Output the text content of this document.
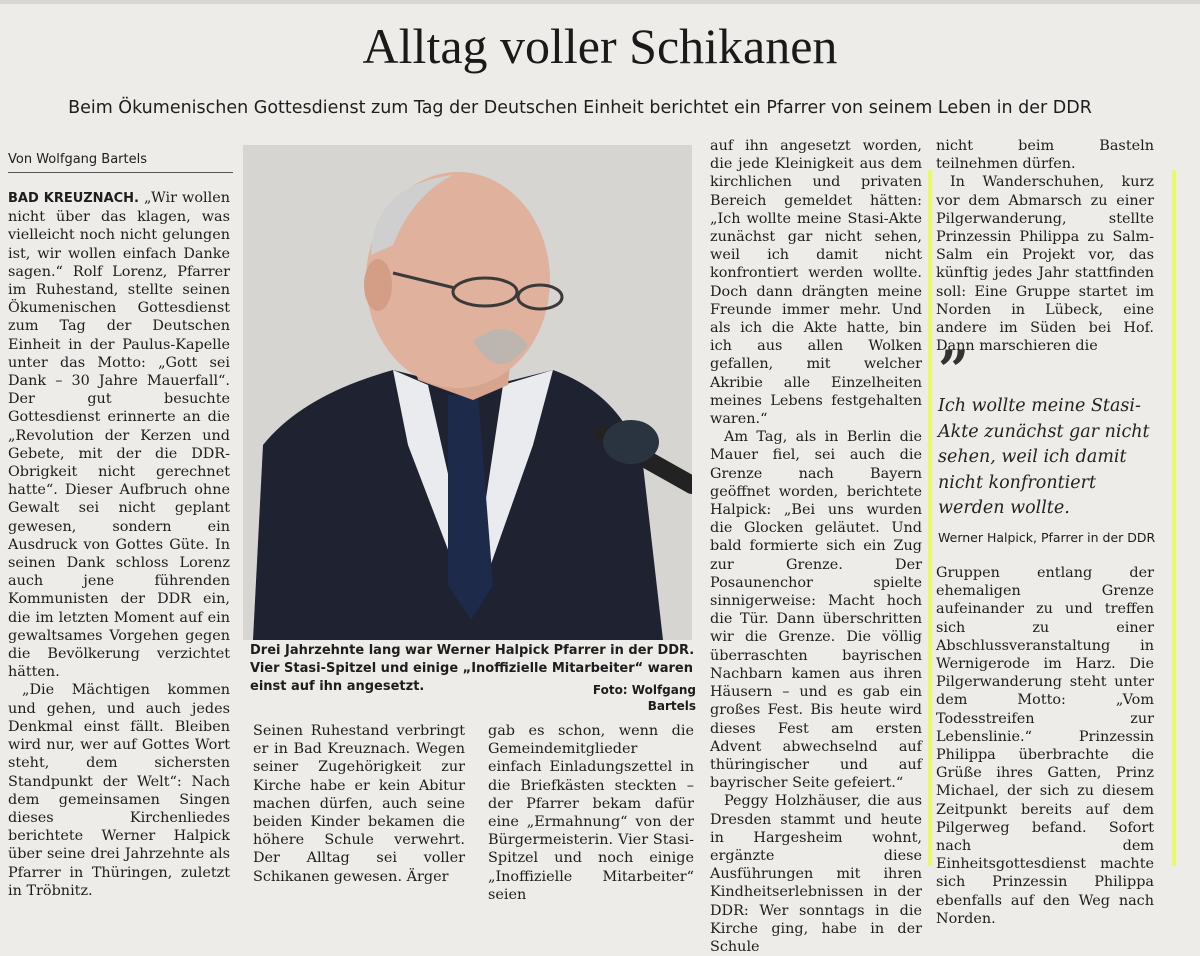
Alltag voller Schikanen
Beim Ökumenischen Gottesdienst zum Tag der Deutschen Einheit berichtet ein Pfarrer von seinem Leben in der DDR
Von Wolfgang Bartels

BAD KREUZNACH. „Wir wollen nicht über das klagen, was vielleicht noch nicht gelungen ist, wir wollen einfach Danke sagen.“ Rolf Lorenz, Pfarrer im Ruhestand, stellte seinen Ökumenischen Gottesdienst zum Tag der Deutschen Einheit in der Paulus-Kapelle unter das Motto: „Gott sei Dank – 30 Jahre Mauerfall“. Der gut besuchte Gottesdienst erinnerte an die „Revolution der Kerzen und Gebete, mit der die DDR-Obrigkeit nicht gerechnet hatte“. Dieser Aufbruch ohne Gewalt sei nicht geplant gewesen, sondern ein Ausdruck von Gottes Güte. In seinen Dank schloss Lorenz auch jene führenden Kommunisten der DDR ein, die im letzten Moment auf ein gewaltsames Vorgehen gegen die Bevölkerung verzichtet hätten.

„Die Mächtigen kommen und gehen, und auch jedes Denkmal einst fällt. Bleiben wird nur, wer auf Gottes Wort steht, dem sichersten Standpunkt der Welt“: Nach dem gemeinsamen Singen dieses Kirchenliedes berichtete Werner Halpick über seine drei Jahrzehnte als Pfarrer in Thüringen, zuletzt in Tröbnitz.

Drei Jahrzehnte lang war Werner Halpick Pfarrer in der DDR. Vier Stasi-Spitzel und einige „Inoffizielle Mitarbeiter“ waren einst auf ihn angesetzt.	Foto: Wolfgang Bartels

Seinen Ruhestand verbringt er in Bad Kreuznach. Wegen seiner Zugehörigkeit zur Kirche habe er kein Abitur machen dürfen, auch seine beiden Kinder bekamen die höhere Schule verwehrt. Der Alltag sei voller Schikanen gewesen. Ärger

gab es schon, wenn die Gemeindemitglieder einfach Einladungszettel in die Briefkästen steckten – der Pfarrer bekam dafür eine „Ermahnung“ von der Bürgermeisterin. Vier Stasi-Spitzel und noch einige „Inoffizielle Mitarbeiter“ seien

auf ihn angesetzt worden, die jede Kleinigkeit aus dem kirchlichen und privaten Bereich gemeldet hätten: „Ich wollte meine Stasi-Akte zunächst gar nicht sehen, weil ich damit nicht konfrontiert werden wollte. Doch dann drängten meine Freunde immer mehr. Und als ich die Akte hatte, bin ich aus allen Wolken gefallen, mit welcher Akribie alle Einzelheiten meines Lebens festgehalten waren.“

Am Tag, als in Berlin die Mauer fiel, sei auch die Grenze nach Bayern geöffnet worden, berichtete Halpick: „Bei uns wurden die Glocken geläutet. Und bald formierte sich ein Zug zur Grenze. Der Posaunenchor spielte sinnigerweise: Macht hoch die Tür. Dann überschritten wir die Grenze. Die völlig überraschten bayrischen Nachbarn kamen aus ihren Häusern – und es gab ein großes Fest. Bis heute wird dieses Fest am ersten Advent abwechselnd auf thüringischer und auf bayrischer Seite gefeiert.“

Peggy Holzhäuser, die aus Dresden stammt und heute in Hargesheim wohnt, ergänzte diese Ausführungen mit ihren Kindheitserlebnissen in der DDR: Wer sonntags in die Kirche ging, habe in der Schule

nicht beim Basteln teilnehmen dürfen.

In Wanderschuhen, kurz vor dem Abmarsch zu einer Pilgerwanderung, stellte Prinzessin Philippa zu Salm-Salm ein Projekt vor, das künftig jedes Jahr stattfinden soll: Eine Gruppe startet im Norden in Lübeck, eine andere im Süden bei Hof. Dann marschieren die

”
Ich wollte meine Stasi-Akte zunächst gar nicht sehen, weil ich damit nicht konfrontiert werden wollte.
Werner Halpick, Pfarrer in der DDR

Gruppen entlang der ehemaligen Grenze aufeinander zu und treffen sich zu einer Abschlussveranstaltung in Wernigerode im Harz. Die Pilgerwanderung steht unter dem Motto: „Vom Todesstreifen zur Lebenslinie.“ Prinzessin Philippa überbrachte die Grüße ihres Gatten, Prinz Michael, der sich zu diesem Zeitpunkt bereits auf dem Pilgerweg befand. Sofort nach dem Einheitsgottesdienst machte sich Prinzessin Philippa ebenfalls auf den Weg nach Norden.
